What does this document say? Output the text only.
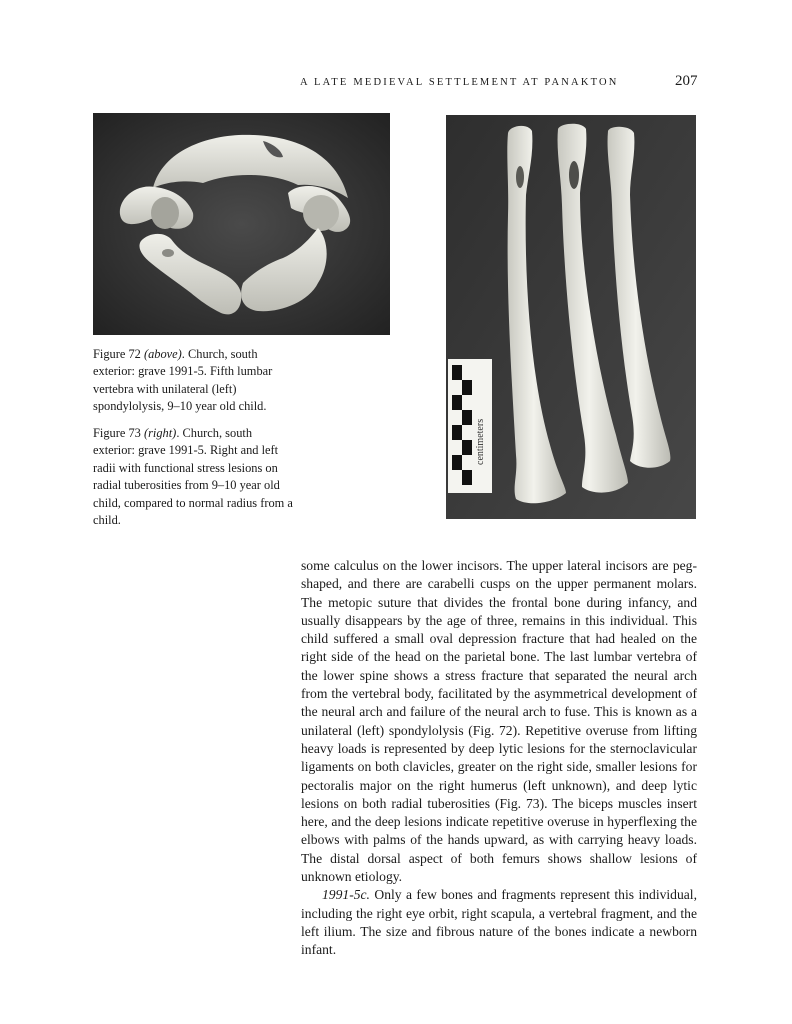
A LATE MEDIEVAL SETTLEMENT AT PANAKTON	207
centimeters
Figure 72 (above). Church, south exterior: grave 1991-5. Fifth lumbar vertebra with unilateral (left) spondylolysis, 9–10 year old child.
Figure 73 (right). Church, south exterior: grave 1991-5. Right and left radii with functional stress lesions on radial tuberosities from 9–10 year old child, compared to normal radius from a child.

some calculus on the lower incisors. The upper lateral incisors are peg-shaped, and there are carabelli cusps on the upper permanent molars. The metopic suture that divides the frontal bone during infancy, and usually disappears by the age of three, remains in this individual. This child suffered a small oval depression fracture that had healed on the right side of the head on the parietal bone. The last lumbar vertebra of the lower spine shows a stress fracture that separated the neural arch from the vertebral body, facilitated by the asymmetrical development of the neural arch and failure of the neural arch to fuse. This is known as a unilateral (left) spondylolysis (Fig. 72). Repetitive overuse from lifting heavy loads is represented by deep lytic lesions for the sternoclavicular ligaments on both clavicles, greater on the right side, smaller lesions for pectoralis major on the right humerus (left unknown), and deep lytic lesions on both radial tuberosities (Fig. 73). The biceps muscles insert here, and the deep lesions indicate repetitive overuse in hyperflexing the elbows with palms of the hands upward, as with carrying heavy loads. The distal dorsal aspect of both femurs shows shallow lesions of unknown etiology.

1991-5c. Only a few bones and fragments represent this individual, including the right eye orbit, right scapula, a vertebral fragment, and the left ilium. The size and fibrous nature of the bones indicate a newborn infant.
